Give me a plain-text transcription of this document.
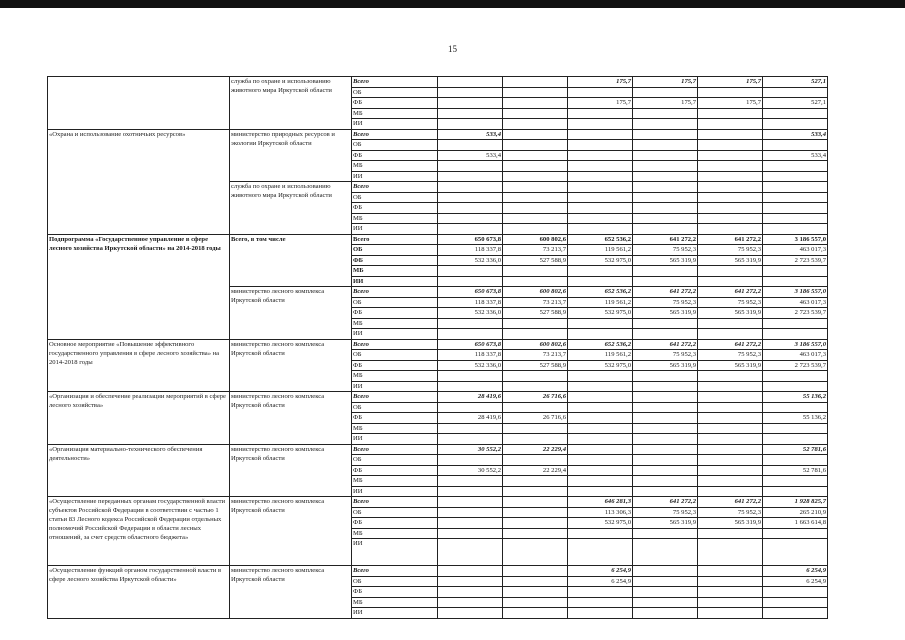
15
	служба по охране и использованию животного мира Иркутской области	Всего			175,7	175,7	175,7	527,1
		ОБ						
		ФБ			175,7	175,7	175,7	527,1
		МБ						
		ИИ						
«Охрана и использование охотничьих ресурсов»	министерство природных ресурсов и экологии Иркутской области	Всего	533,4					533,4
		ОБ						
		ФБ	533,4					533,4
		МБ						
		ИИ						
	служба по охране и использованию животного мира Иркутской области	Всего						
		ОБ						
		ФБ						
		МБ						
		ИИ						
Подпрограмма «Государственное управление в сфере лесного хозяйства Иркутской области» на 2014-2018 годы	Всего, в том числе	Всего	650 673,8	600 802,6	652 536,2	641 272,2	641 272,2	3 186 557,0
		ОБ	118 337,8	73 213,7	119 561,2	75 952,3	75 952,3	463 017,3
		ФБ	532 336,0	527 588,9	532 975,0	565 319,9	565 319,9	2 723 539,7
		МБ						
		ИИ						
	министерство лесного комплекса Иркутской области	Всего	650 673,8	600 802,6	652 536,2	641 272,2	641 272,2	3 186 557,0
		ОБ	118 337,8	73 213,7	119 561,2	75 952,3	75 952,3	463 017,3
		ФБ	532 336,0	527 588,9	532 975,0	565 319,9	565 319,9	2 723 539,7
		МБ						
		ИИ						
Основное мероприятие «Повышение эффективного государственного управления в сфере лесного хозяйства» на 2014-2018 годы	министерство лесного комплекса Иркутской области	Всего	650 673,8	600 802,6	652 536,2	641 272,2	641 272,2	3 186 557,0
		ОБ	118 337,8	73 213,7	119 561,2	75 952,3	75 952,3	463 017,3
		ФБ	532 336,0	527 588,9	532 975,0	565 319,9	565 319,9	2 723 539,7
		МБ						
		ИИ						
«Организация и обеспечение реализации мероприятий в сфере лесного хозяйства»	министерство лесного комплекса Иркутской области	Всего	28 419,6	26 716,6				55 136,2
		ОБ						
		ФБ	28 419,6	26 716,6				55 136,2
		МБ						
		ИИ						
«Организация материально-технического обеспечения деятельности»	министерство лесного комплекса Иркутской области	Всего	30 552,2	22 229,4				52 781,6
		ОБ						
		ФБ	30 552,2	22 229,4				52 781,6
		МБ						
		ИИ						
«Осуществление переданных органам государственной власти субъектов Российской Федерации в соответствии с частью 1 статьи 83 Лесного кодекса Российской Федерации отдельных полномочий Российской Федерации в области лесных отношений, за счет средств областного бюджета»	министерство лесного комплекса Иркутской области	Всего			646 281,3	641 272,2	641 272,2	1 928 825,7
		ОБ			113 306,3	75 952,3	75 952,3	265 210,9
		ФБ			532 975,0	565 319,9	565 319,9	1 663 614,8
		МБ						
		ИИ						
«Осуществление функций органом государственной власти в сфере лесного хозяйства Иркутской области»	министерство лесного комплекса Иркутской области	Всего			6 254,9			6 254,9
		ОБ			6 254,9			6 254,9
		ФБ						
		МБ						
		ИИ						
